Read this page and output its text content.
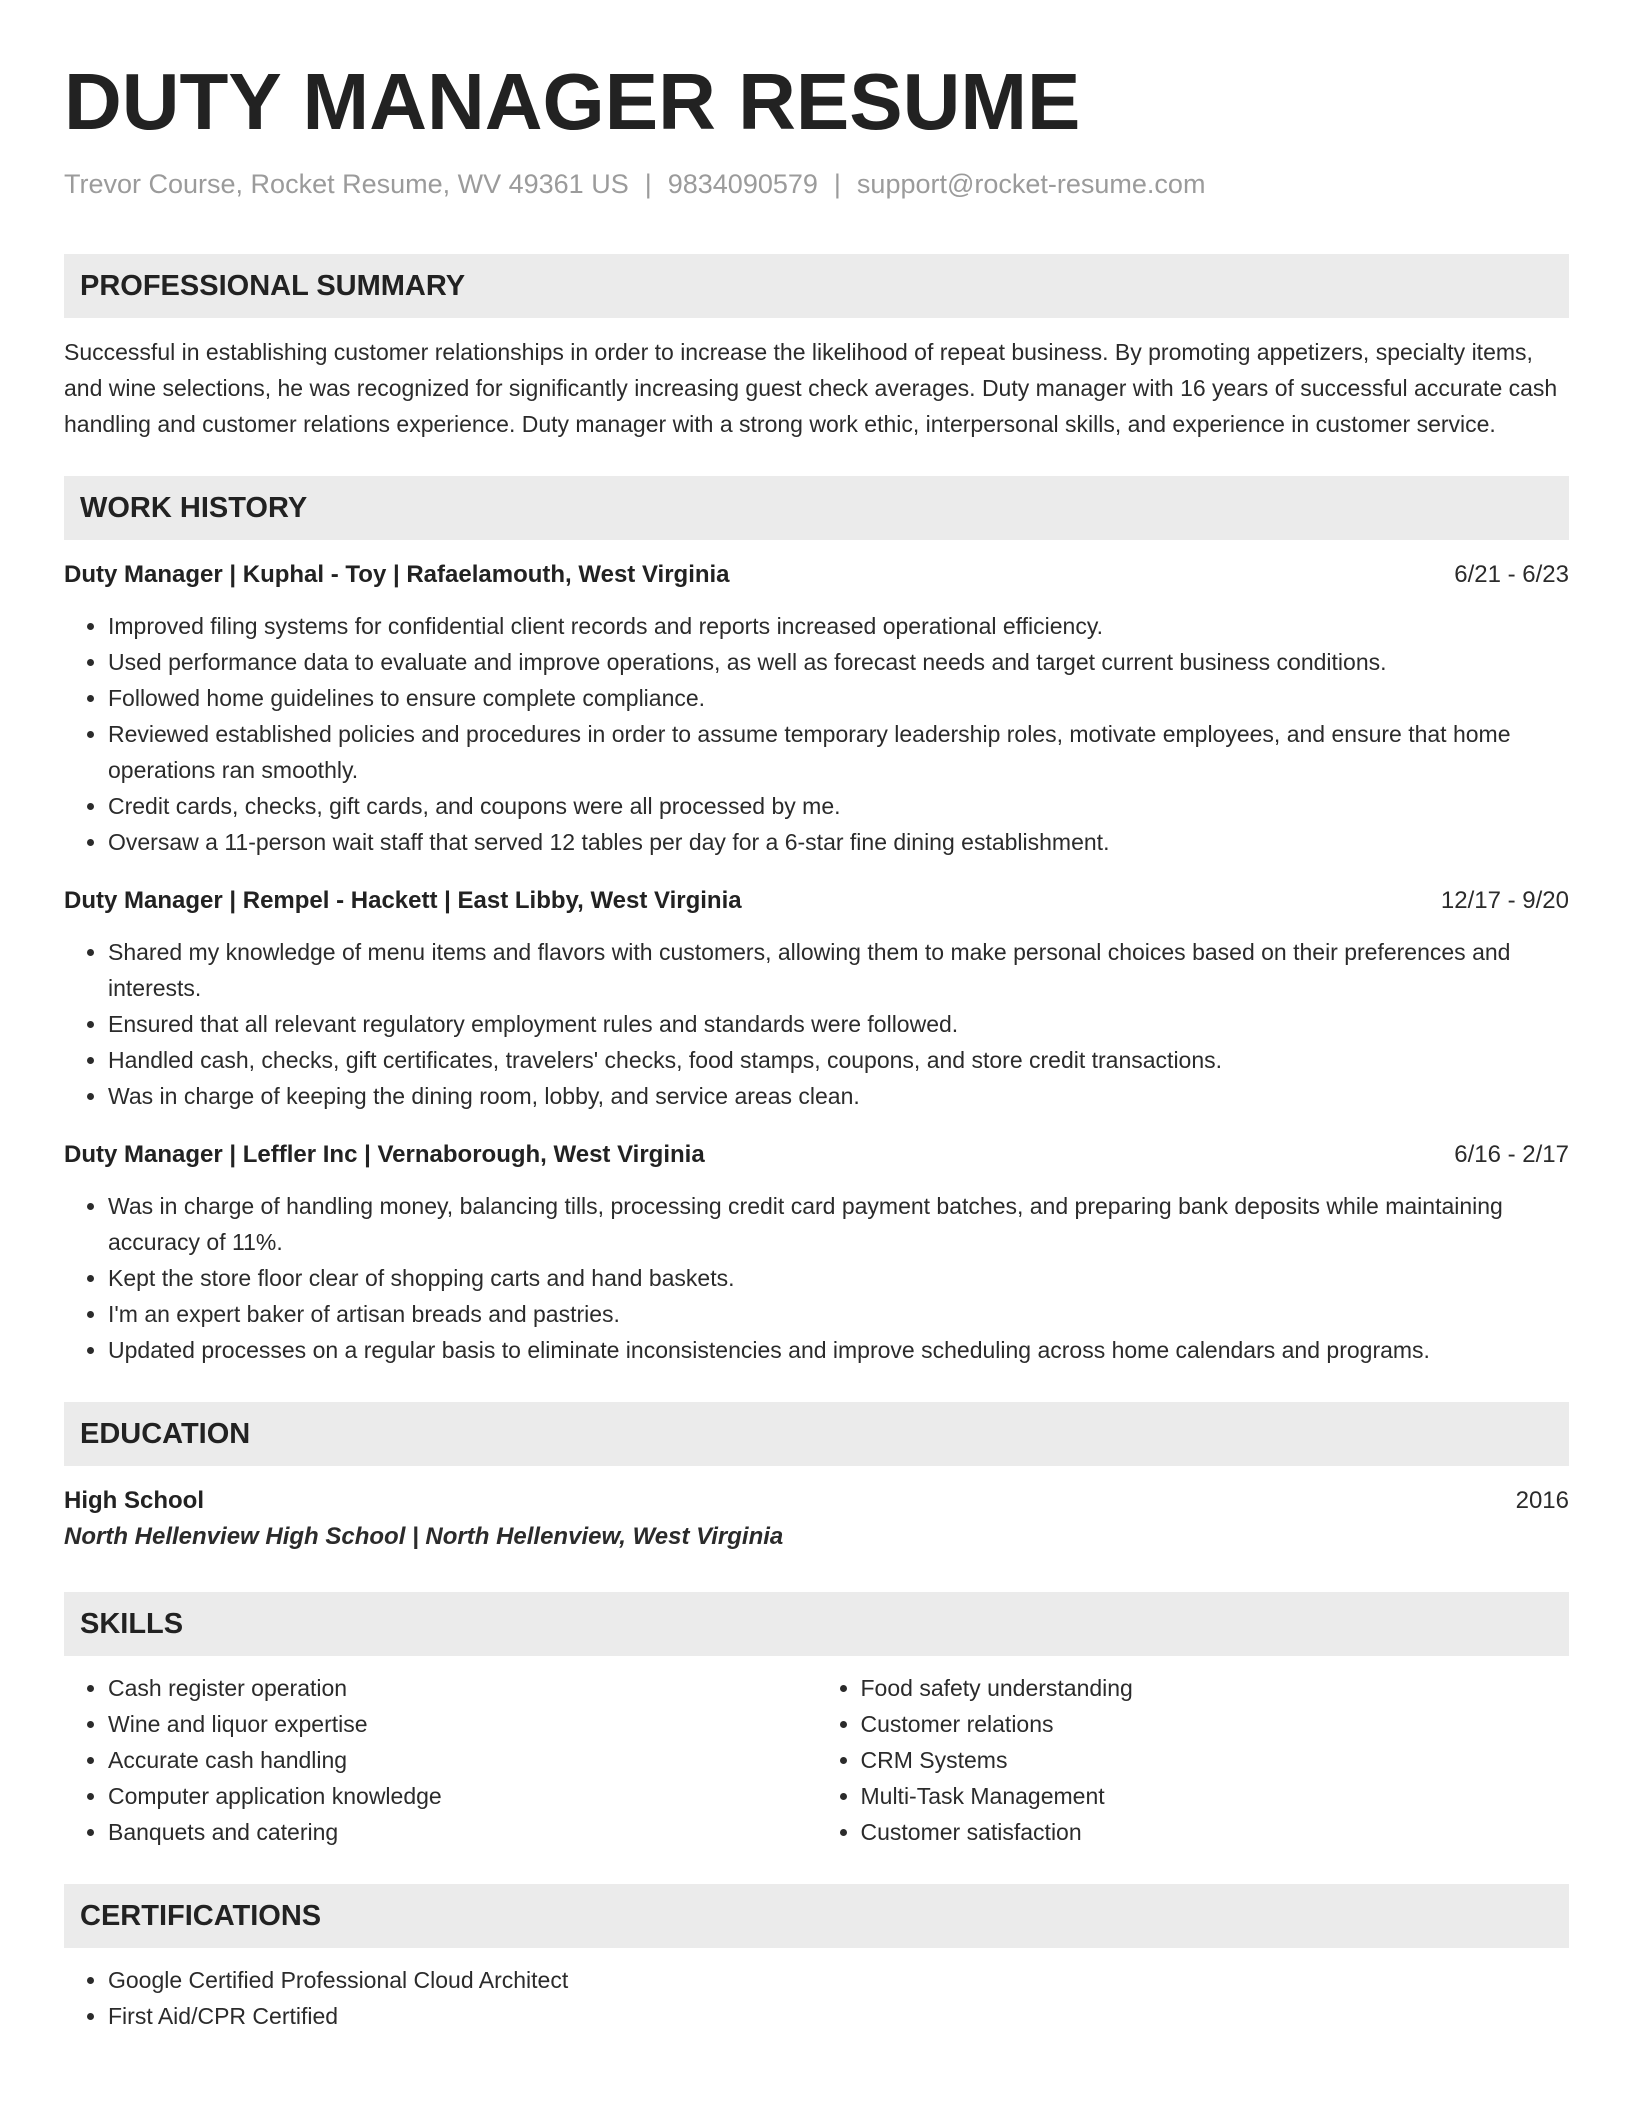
DUTY MANAGER RESUME
Trevor Course, Rocket Resume, WV 49361 US | 9834090579 | support@rocket-resume.com
PROFESSIONAL SUMMARY
Successful in establishing customer relationships in order to increase the likelihood of repeat business. By promoting appetizers, specialty items, and wine selections, he was recognized for significantly increasing guest check averages. Duty manager with 16 years of successful accurate cash handling and customer relations experience. Duty manager with a strong work ethic, interpersonal skills, and experience in customer service.
WORK HISTORY
Duty Manager | Kuphal - Toy | Rafaelamouth, West Virginia	6/21 - 6/23
• Improved filing systems for confidential client records and reports increased operational efficiency.
• Used performance data to evaluate and improve operations, as well as forecast needs and target current business conditions.
• Followed home guidelines to ensure complete compliance.
• Reviewed established policies and procedures in order to assume temporary leadership roles, motivate employees, and ensure that home operations ran smoothly.
• Credit cards, checks, gift cards, and coupons were all processed by me.
• Oversaw a 11-person wait staff that served 12 tables per day for a 6-star fine dining establishment.
Duty Manager | Rempel - Hackett | East Libby, West Virginia	12/17 - 9/20
• Shared my knowledge of menu items and flavors with customers, allowing them to make personal choices based on their preferences and interests.
• Ensured that all relevant regulatory employment rules and standards were followed.
• Handled cash, checks, gift certificates, travelers' checks, food stamps, coupons, and store credit transactions.
• Was in charge of keeping the dining room, lobby, and service areas clean.
Duty Manager | Leffler Inc | Vernaborough, West Virginia	6/16 - 2/17
• Was in charge of handling money, balancing tills, processing credit card payment batches, and preparing bank deposits while maintaining accuracy of 11%.
• Kept the store floor clear of shopping carts and hand baskets.
• I'm an expert baker of artisan breads and pastries.
• Updated processes on a regular basis to eliminate inconsistencies and improve scheduling across home calendars and programs.
EDUCATION
High School	2016
North Hellenview High School | North Hellenview, West Virginia
SKILLS
• Cash register operation
• Wine and liquor expertise
• Accurate cash handling
• Computer application knowledge
• Banquets and catering
• Food safety understanding
• Customer relations
• CRM Systems
• Multi-Task Management
• Customer satisfaction
CERTIFICATIONS
• Google Certified Professional Cloud Architect
• First Aid/CPR Certified
